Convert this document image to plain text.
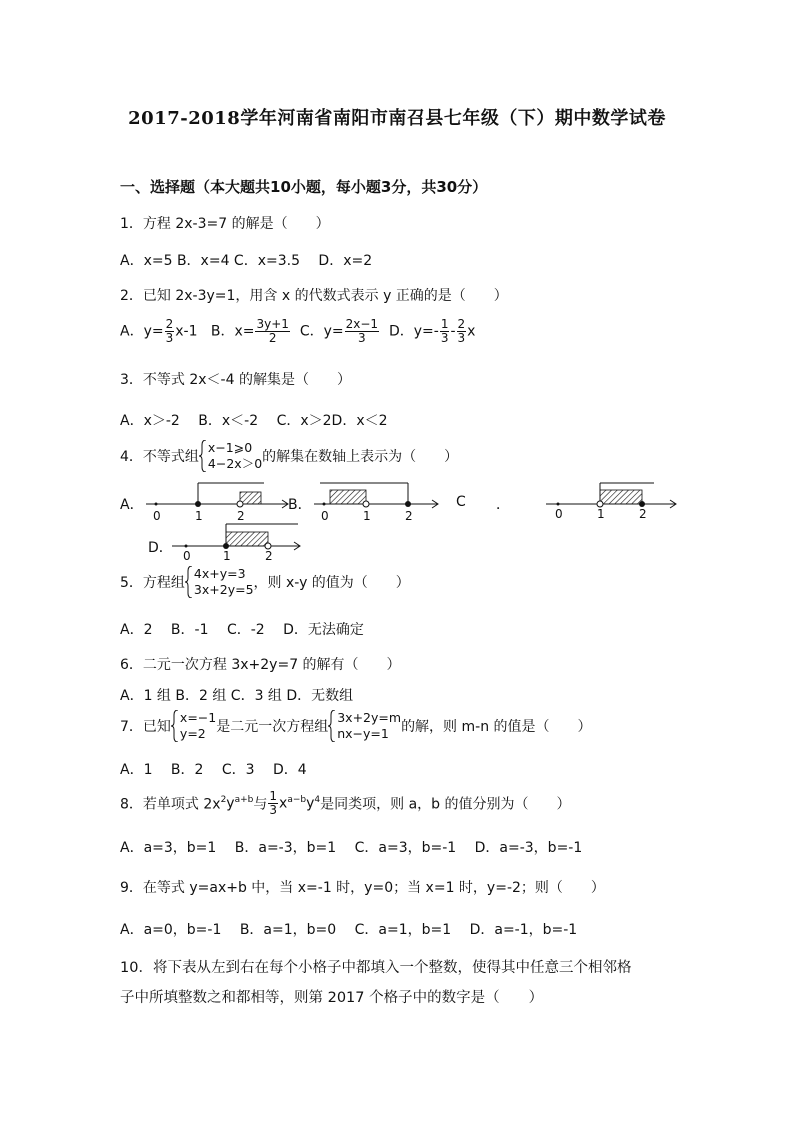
2017-2018学年河南省南阳市南召县七年级（下）期中数学试卷
一、选择题（本大题共10小题，每小题3分，共30分）
1．方程 2x-3=7 的解是（　　）
A．x=5 B．x=4 C．x=3.5　 D．x=2
2．已知 2x-3y=1，用含 x 的代数式表示 y 正确的是（　　）
A．$y= \frac{2}{3} x-1$ B．$x= \frac{3y+1}{2}$ C．$y= \frac{2x-1}{3}$ D．$y=- \frac{1}{3} - \frac{2}{3}$ x
3．不等式 2x＜-4 的解集是（　　）
A．x＞-2　 B．x＜-2　 C．x＞2D．x＜2
4．不等式组
x−1⩾0
4−2x＞0 的解集在数轴上表示为（　　）
A．
0	1	2
B．
0	1	2
C ．
0	1	2
D． 0	1	2
5．方程组
4x+y=3
3x+2y=5 ，则 x-y 的值为（　　）
A．2　 B．-1　 C．-2　 D．无法确定
6．二元一次方程 3x+2y=7 的解有（　　）
A．1 组 B．2 组 C．3 组 D．无数组
7．已知
x=−1
y=2 是二元一次方程组
3x+2y=m
nx−y=1 的解，则 m-n 的值是（　　）
A．1　 B．2　 C．3　 D．4
8．若单项式 $2x^2y^{a+b}$与 $\frac{1}{3} x^{a-b}y^4$是同类项，则 a，b 的值分别为（　　）
A．a=3，b=1　 B．a=-3，b=1　 C．a=3，b=-1　 D．a=-3，b=-1
9．在等式 y=ax+b 中，当 x=-1 时，y=0；当 x=1 时，y=-2；则（　　）
A．a=0，b=-1　 B．a=1，b=0　 C．a=1，b=1　 D．a=-1，b=-1
10．将下表从左到右在每个小格子中都填入一个整数，使得其中任意三个相邻格
子中所填整数之和都相等，则第 2017 个格子中的数字是（　　）
